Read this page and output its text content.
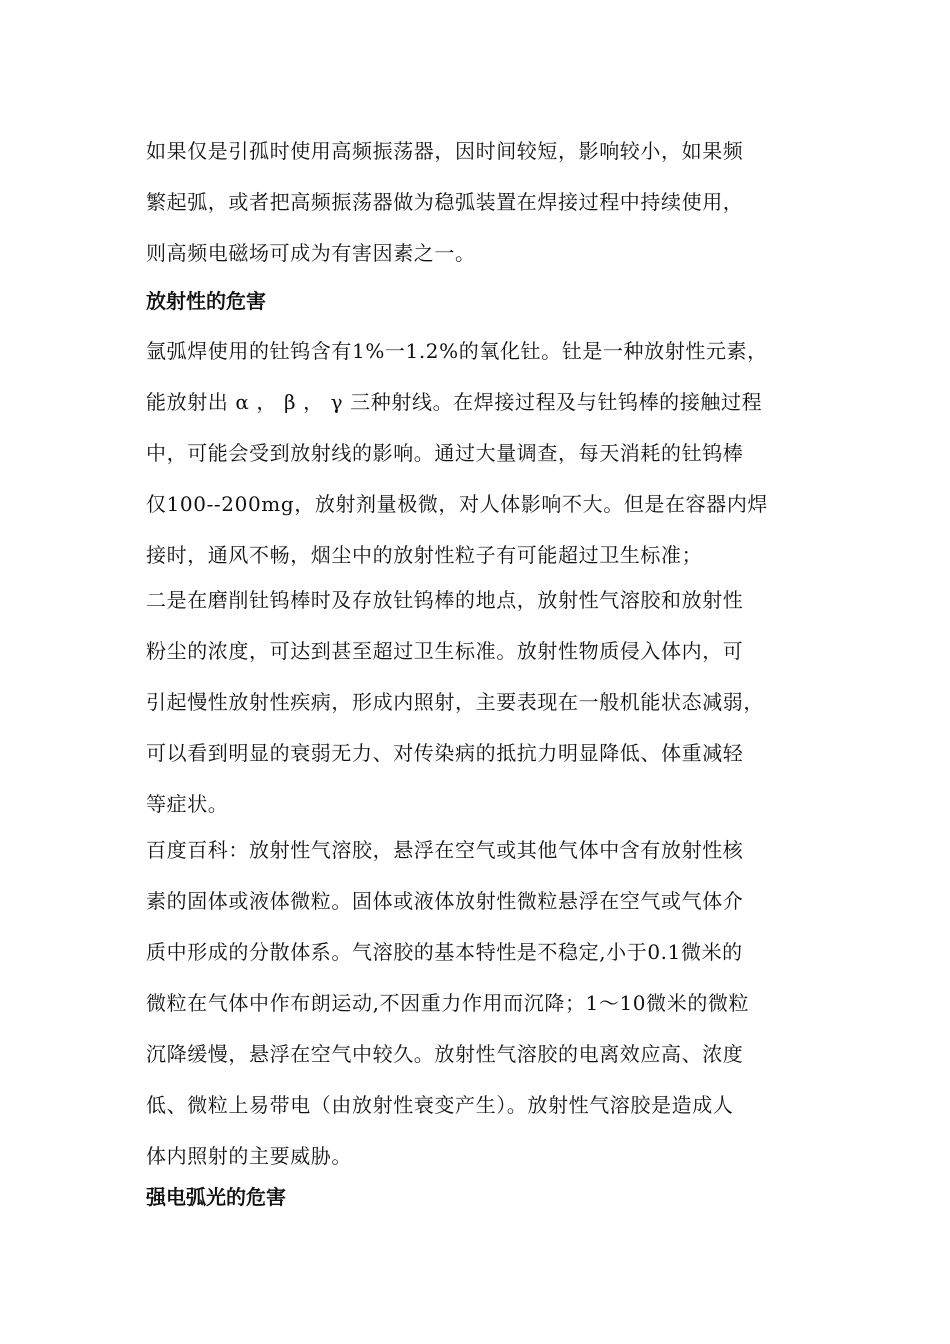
如果仅是引孤时使用高频振荡器，因时间较短，影响较小，如果频
繁起弧，或者把高频振荡器做为稳弧装置在焊接过程中持续使用，
则高频电磁场可成为有害因素之一。
放射性的危害
氩弧焊使用的钍钨含有1%一1.2%的氧化钍。钍是一种放射性元素，
能放射出 α ， β ， γ 三种射线。在焊接过程及与钍钨棒的接触过程
中，可能会受到放射线的影响。通过大量调查，每天消耗的钍钨棒
仅100--200mg，放射剂量极微，对人体影响不大。但是在容器内焊
接时，通风不畅，烟尘中的放射性粒子有可能超过卫生标准；
二是在磨削钍钨棒时及存放钍钨棒的地点，放射性气溶胶和放射性
粉尘的浓度，可达到甚至超过卫生标准。放射性物质侵入体内，可
引起慢性放射性疾病，形成内照射，主要表现在一般机能状态减弱，
可以看到明显的衰弱无力、对传染病的抵抗力明显降低、体重减轻
等症状。
百度百科：放射性气溶胶，悬浮在空气或其他气体中含有放射性核
素的固体或液体微粒。固体或液体放射性微粒悬浮在空气或气体介
质中形成的分散体系。气溶胶的基本特性是不稳定,小于0.1微米的
微粒在气体中作布朗运动,不因重力作用而沉降；1～10微米的微粒
沉降缓慢，悬浮在空气中较久。放射性气溶胶的电离效应高、浓度
低、微粒上易带电（由放射性衰变产生）。放射性气溶胶是造成人
体内照射的主要威胁。
强电弧光的危害
